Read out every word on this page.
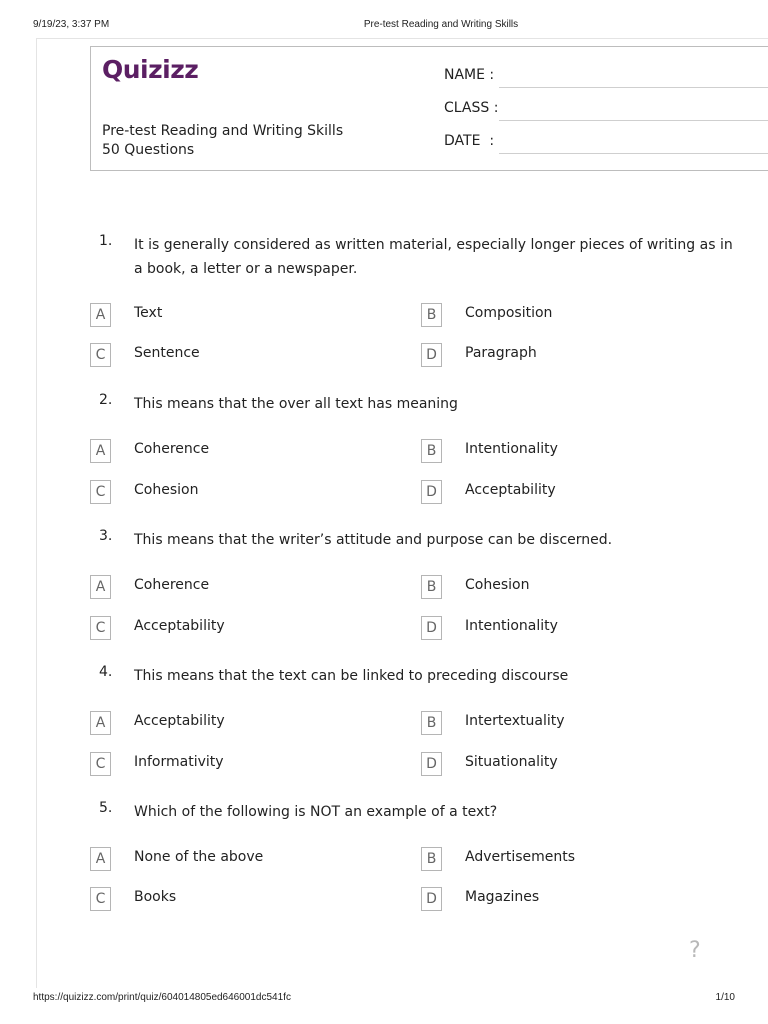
9/19/23, 3:37 PM	Pre-test Reading and Writing Skills
Quizizz
Pre-test Reading and Writing Skills
50 Questions
NAME :
CLASS :
DATE  :
1. It is generally considered as written material, especially longer pieces of writing as in a book, a letter or a newspaper.
A	Text	B	Composition
C	Sentence	D	Paragraph
2. This means that the over all text has meaning
A	Coherence	B	Intentionality
C	Cohesion	D	Acceptability
3. This means that the writer’s attitude and purpose can be discerned.
A	Coherence	B	Cohesion
C	Acceptability	D	Intentionality
4. This means that the text can be linked to preceding discourse
A	Acceptability	B	Intertextuality
C	Informativity	D	Situationality
5. Which of the following is NOT an example of a text?
A	None of the above	B	Advertisements
C	Books	D	Magazines
?
https://quizizz.com/print/quiz/604014805ed646001dc541fc	1/10
